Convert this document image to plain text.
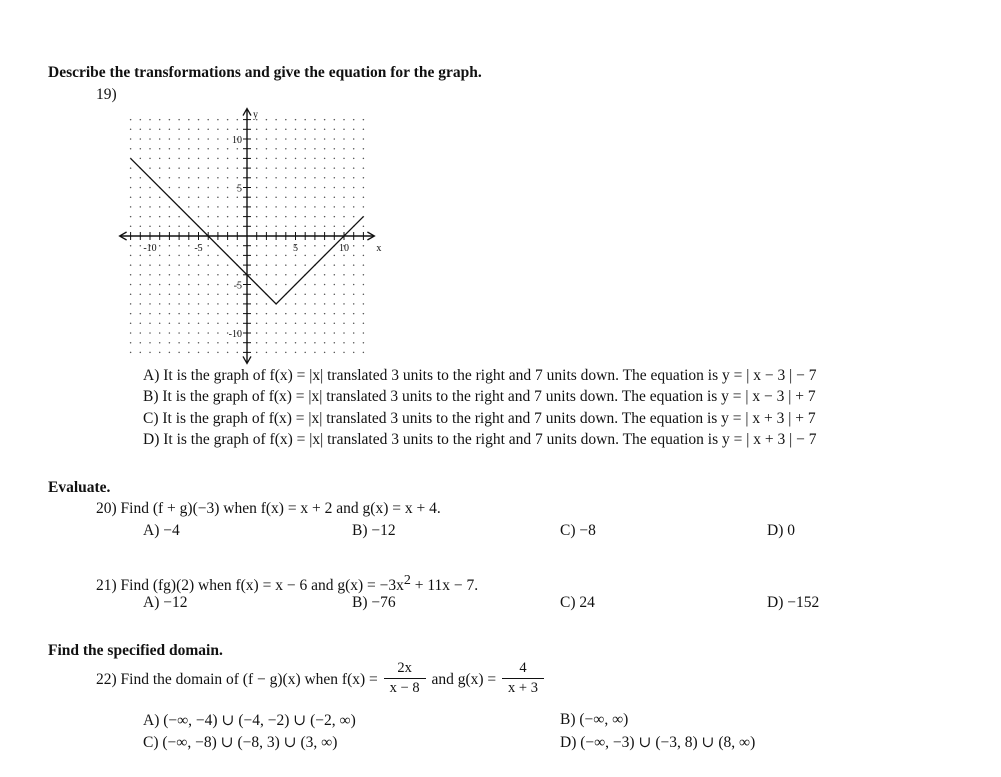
Describe the transformations and give the equation for the graph.
19)
-10	-5	5	10
10
5
-5
-10
x
y
A) It is the graph of f(x) = |x| translated 3 units to the right and 7 units down. The equation is y = | x − 3 | − 7
B) It is the graph of f(x) = |x| translated 3 units to the right and 7 units down. The equation is y = | x − 3 | + 7
C) It is the graph of f(x) = |x| translated 3 units to the right and 7 units down. The equation is y = | x + 3 | + 7
D) It is the graph of f(x) = |x| translated 3 units to the right and 7 units down. The equation is y = | x + 3 | − 7
Evaluate.
20) Find (f + g)(−3) when f(x) = x + 2 and g(x) = x + 4.
A) −4	B) −12	C) −8	D) 0
21) Find (fg)(2) when f(x) = x − 6 and $g(x) = -3x^2 + 11x - 7$.
A) −12	B) −76	C) 24	D) −152
Find the specified domain.
22) Find the domain of (f − g)(x) when $f(x) = \frac{2x}{x - 8}$ and $g(x) = \frac{4}{x + 3}$
A) (−∞, −4) ∪ (−4, −2) ∪ (−2, ∞)	B) (−∞, ∞)
C) (−∞, −8) ∪ (−8, 3) ∪ (3, ∞)	D) (−∞, −3) ∪ (−3, 8) ∪ (8, ∞)
